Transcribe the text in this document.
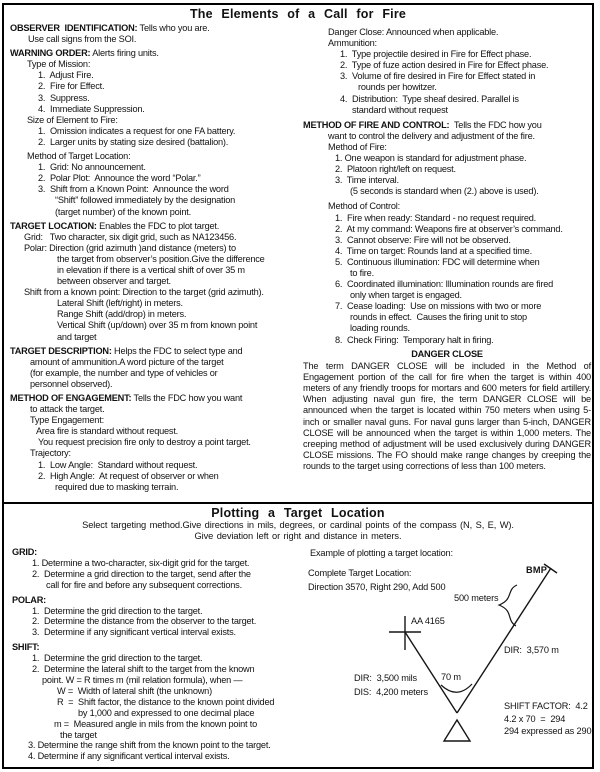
The Elements of a Call for Fire
OBSERVER  IDENTIFICATION: Tells who you are.
Use call signs from the SOI.
WARNING ORDER: Alerts firing units.
Type of Mission:
1.  Adjust Fire.
2.  Fire for Effect.
3.  Suppress.
4.  Immediate Suppression.
Size of Element to Fire:
1.  Omission indicates a request for one FA battery.
2.  Larger units by stating size desired (battalion).
Method of Target Location:
1.  Grid: No announcement.
2.  Polar Plot:  Announce the word “Polar.”
3.  Shift from a Known Point:  Announce the word
“Shift” followed immediately by the designation
(target number) of the known point.
TARGET LOCATION: Enables the FDC to plot target.
Grid:   Two character, six digit grid, such as NA123456.
Polar: Direction (grid azimuth )and distance (meters) to
the target from observer’s position.Give the difference
in elevation if there is a vertical shift of over 35 m
between observer and target.
Shift from a known point: Direction to the target (grid azimuth).
Lateral Shift (left/right) in meters.
Range Shift (add/drop) in meters.
Vertical Shift (up/down) over 35 m from known point
and target
TARGET DESCRIPTION: Helps the FDC to select type and
amount of ammunition.A word picture of the target
(for example, the number and type of vehicles or
personnel observed).
METHOD OF ENGAGEMENT: Tells the FDC how you want
to attack the target.
Type Engagement:
Area fire is standard without request.
You request precision fire only to destroy a point target.
Trajectory:
1.  Low Angle:  Standard without request.
2.  High Angle:  At request of observer or when
required due to masking terrain.
Danger Close: Announced when applicable.
Ammunition:
1.  Type projectile desired in Fire for Effect phase.
2.  Type of fuze action desired in Fire for Effect phase.
3.  Volume of fire desired in Fire for Effect stated in
rounds per howitzer.
4.  Distribution:  Type sheaf desired. Parallel is
standard without request
METHOD OF FIRE AND CONTROL:  Tells the FDC how you
want to control the delivery and adjustment of the fire.
Method of Fire:
1. One weapon is standard for adjustment phase.
2.  Platoon right/left on request.
3.  Time interval.
(5 seconds is standard when (2.) above is used).
Method of Control:
1.  Fire when ready: Standard - no request required.
2.  At my command: Weapons fire at observer’s command.
3.  Cannot observe: Fire will not be observed.
4.  Time on target: Rounds land at a specified time.
5.  Continuous illumination: FDC will determine when
to fire.
6.  Coordinated illumination: Illumination rounds are fired
only when target is engaged.
7.  Cease loading:  Use on missions with two or more
rounds in effect.  Causes the firing unit to stop
loading rounds.
8.  Check Firing:  Temporary halt in firing.
DANGER CLOSE

The term DANGER CLOSE will be included in the Method of Engagement portion of the call for fire when the target is within 400 meters of any friendly troops for mortars and 600 meters for field artillery. When adjusting naval gun fire, the term DANGER CLOSE will be announced when the target is located within 750 meters when using 5-inch or smaller naval guns. For naval guns larger than 5-inch, DANGER CLOSE will be announced when the target is within 1,000 meters. The creeping method of adjustment will be used exclusively during DANGER CLOSE missions. The FO should make range changes by creeping the rounds to the target using corrections of less than 100 meters.

Plotting a Target Location
Select targeting method.Give directions in mils, degrees, or cardinal points of the compass (N, S, E, W).
Give deviation left or right and distance in meters.
GRID:
1. Determine a two-character, six-digit grid for the target.
2.  Determine a grid direction to the target, send after the
call for fire and before any subsequent corrections.
POLAR:
1.  Determine the grid direction to the target.
2.  Determine the distance from the observer to the target.
3.  Determine if any significant vertical interval exists.
SHIFT:
1.  Determine the grid direction to the target.
2.  Determine the lateral shift to the target from the known
point. W = R times m (mil relation formula), when —
W =  Width of lateral shift (the unknown)
R  =  Shift factor, the distance to the known point divided
by 1,000 and expressed to one decimal place
m =  Measured angle in mils from the known point to
the target
3. Determine the range shift from the known point to the target.
4. Determine if any significant vertical interval exists.
Example of plotting a target location:
Complete Target Location:
Direction 3570, Right 290, Add 500
BMP
500 meters
AA 4165
DIR:  3,570 m
70 m
DIR:  3,500 mils
DIS:  4,200 meters
SHIFT FACTOR:  4.2
4.2 x 70  =  294
294 expressed as 290
